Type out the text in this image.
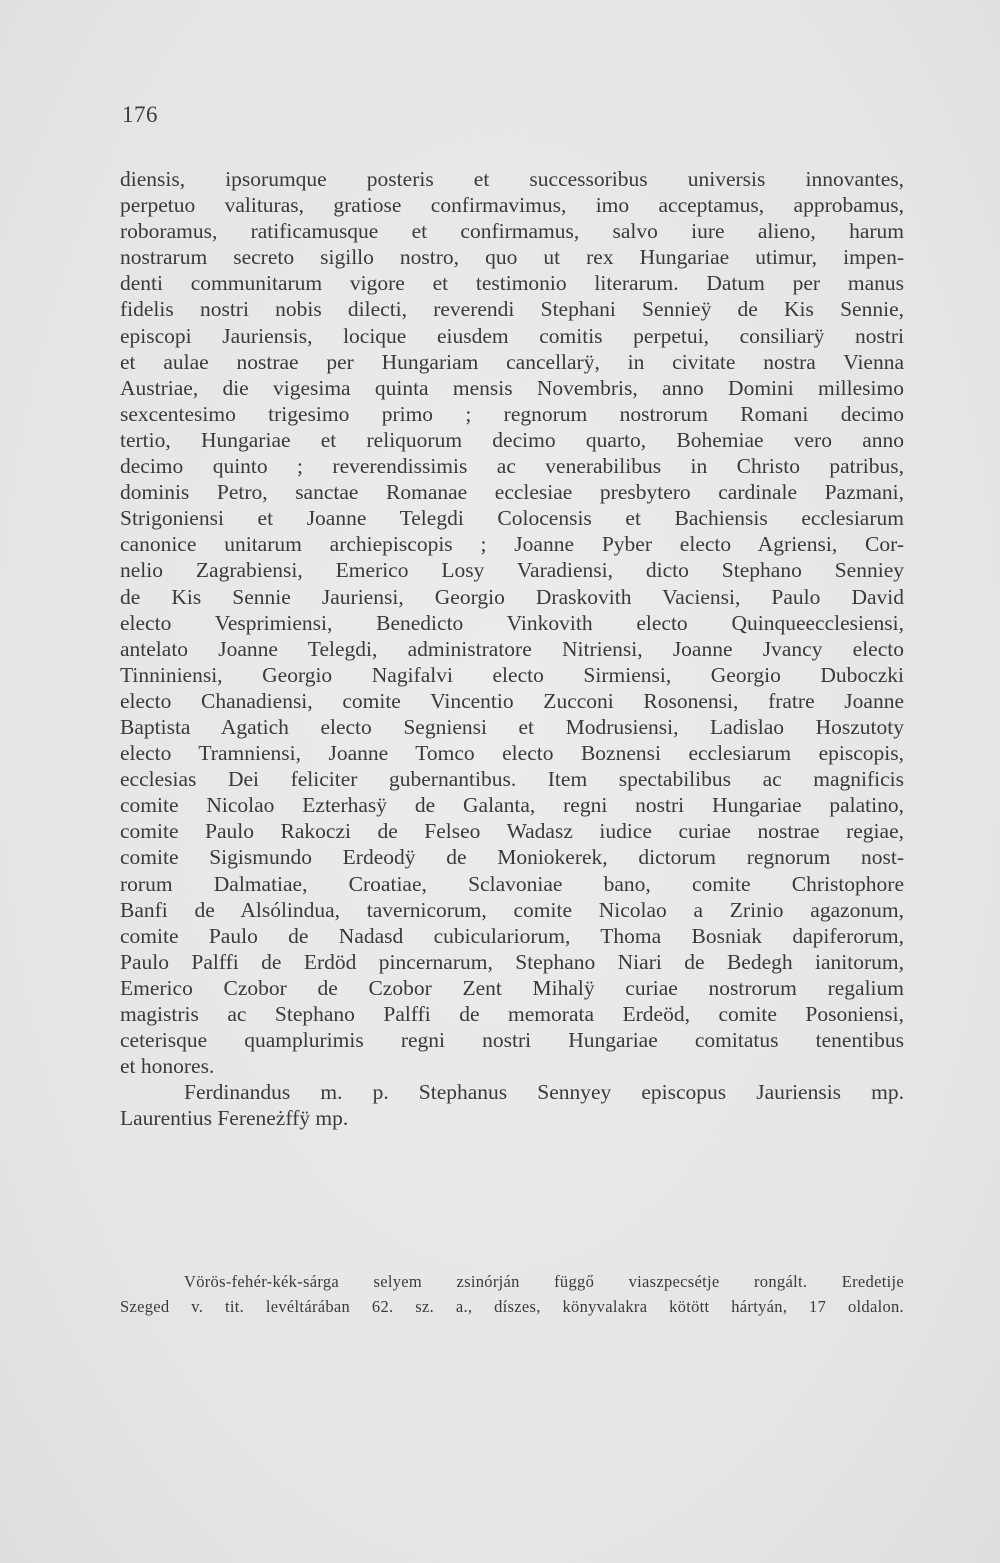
176
diensis, ipsorumque posteris et successoribus universis innovantes,
perpetuo valituras, gratiose confirmavimus, imo acceptamus, approbamus,
roboramus, ratificamusque et confirmamus, salvo iure alieno, harum
nostrarum secreto sigillo nostro, quo ut rex Hungariae utimur, impen-
denti communitarum vigore et testimonio literarum. Datum per manus
fidelis nostri nobis dilecti, reverendi Stephani Sennieÿ de Kis Sennie,
episcopi Jauriensis, locique eiusdem comitis perpetui, consiliarÿ nostri
et aulae nostrae per Hungariam cancellarÿ, in civitate nostra Vienna
Austriae, die vigesima quinta mensis Novembris, anno Domini millesimo
sexcentesimo trigesimo primo ; regnorum nostrorum Romani decimo
tertio, Hungariae et reliquorum decimo quarto, Bohemiae vero anno
decimo quinto ; reverendissimis ac venerabilibus in Christo patribus,
dominis Petro, sanctae Romanae ecclesiae presbytero cardinale Pazmani,
Strigoniensi et Joanne Telegdi Colocensis et Bachiensis ecclesiarum
canonice unitarum archiepiscopis ; Joanne Pyber electo Agriensi, Cor-
nelio Zagrabiensi, Emerico Losy Varadiensi, dicto Stephano Senniey
de Kis Sennie Jauriensi, Georgio Draskovith Vaciensi, Paulo David
electo Vesprimiensi, Benedicto Vinkovith electo Quinqueecclesiensi,
antelato Joanne Telegdi, administratore Nitriensi, Joanne Jvancy electo
Tinniniensi, Georgio Nagifalvi electo Sirmiensi, Georgio Duboczki
electo Chanadiensi, comite Vincentio Zucconi Rosonensi, fratre Joanne
Baptista Agatich electo Segniensi et Modrusiensi, Ladislao Hoszutoty
electo Tramniensi, Joanne Tomco electo Boznensi ecclesiarum episcopis,
ecclesias Dei feliciter gubernantibus. Item spectabilibus ac magnificis
comite Nicolao Ezterhasÿ de Galanta, regni nostri Hungariae palatino,
comite Paulo Rakoczi de Felseo Wadasz iudice curiae nostrae regiae,
comite Sigismundo Erdeodÿ de Moniokerek, dictorum regnorum nost-
rorum Dalmatiae, Croatiae, Sclavoniae bano, comite Christophore
Banfi de Alsólindua, tavernicorum, comite Nicolao a Zrinio agazonum,
comite Paulo de Nadasd cubiculariorum, Thoma Bosniak dapiferorum,
Paulo Palffi de Erdöd pincernarum, Stephano Niari de Bedegh ianitorum,
Emerico Czobor de Czobor Zent Mihalÿ curiae nostrorum regalium
magistris ac Stephano Palffi de memorata Erdeöd, comite Posoniensi,
ceterisque quamplurimis regni nostri Hungariae comitatus tenentibus
et honores.
Ferdinandus m. p. Stephanus Sennyey episcopus Jauriensis mp.
Laurentius Fereneżffÿ mp.
Vörös-fehér-kék-sárga selyem zsinórján függő viaszpecsétje rongált. Eredetije
Szeged v. tit. levéltárában 62. sz. a., díszes, könyvalakra kötött hártyán, 17 oldalon.
